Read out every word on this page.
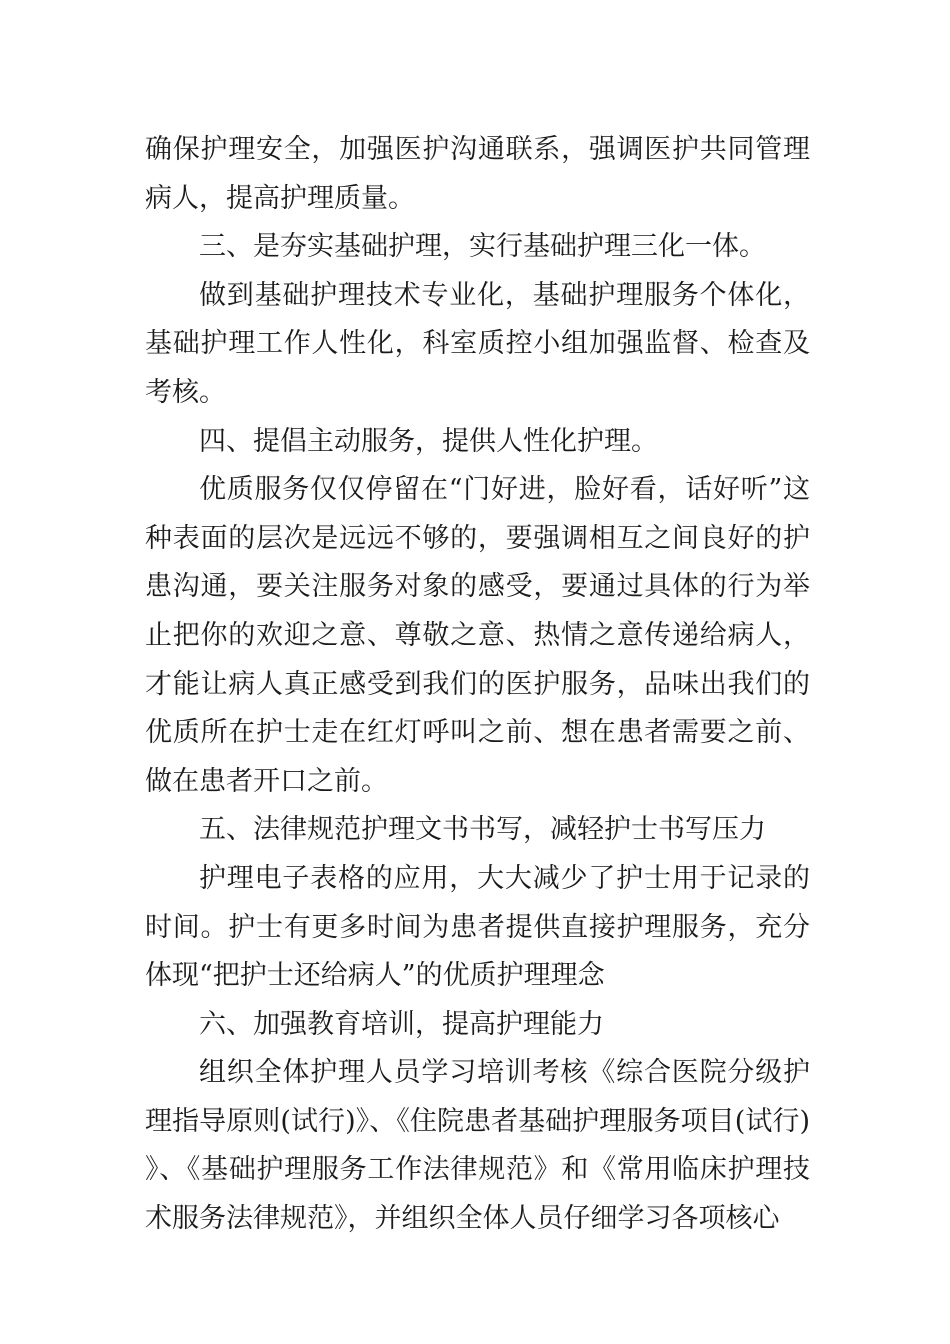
确保护理安全，加强医护沟通联系，强调医护共同管理病人，提高护理质量。

三、是夯实基础护理，实行基础护理三化一体。

做到基础护理技术专业化，基础护理服务个体化，基础护理工作人性化，科室质控小组加强监督、检查及考核。

四、提倡主动服务，提供人性化护理。

优质服务仅仅停留在“门好进，脸好看，话好听”这种表面的层次是远远不够的，要强调相互之间良好的护患沟通，要关注服务对象的感受，要通过具体的行为举止把你的欢迎之意、尊敬之意、热情之意传递给病人，才能让病人真正感受到我们的医护服务，品味出我们的优质所在护士走在红灯呼叫之前、想在患者需要之前、做在患者开口之前。

五、法律规范护理文书书写，减轻护士书写压力

护理电子表格的应用，大大减少了护士用于记录的时间。护士有更多时间为患者提供直接护理服务，充分体现“把护士还给病人”的优质护理理念

六、加强教育培训，提高护理能力

组织全体护理人员学习培训考核《综合医院分级护理指导原则(试行)》、《住院患者基础护理服务项目(试行)》、《基础护理服务工作法律规范》和《常用临床护理技术服务法律规范》，并组织全体人员仔细学习各项核心
